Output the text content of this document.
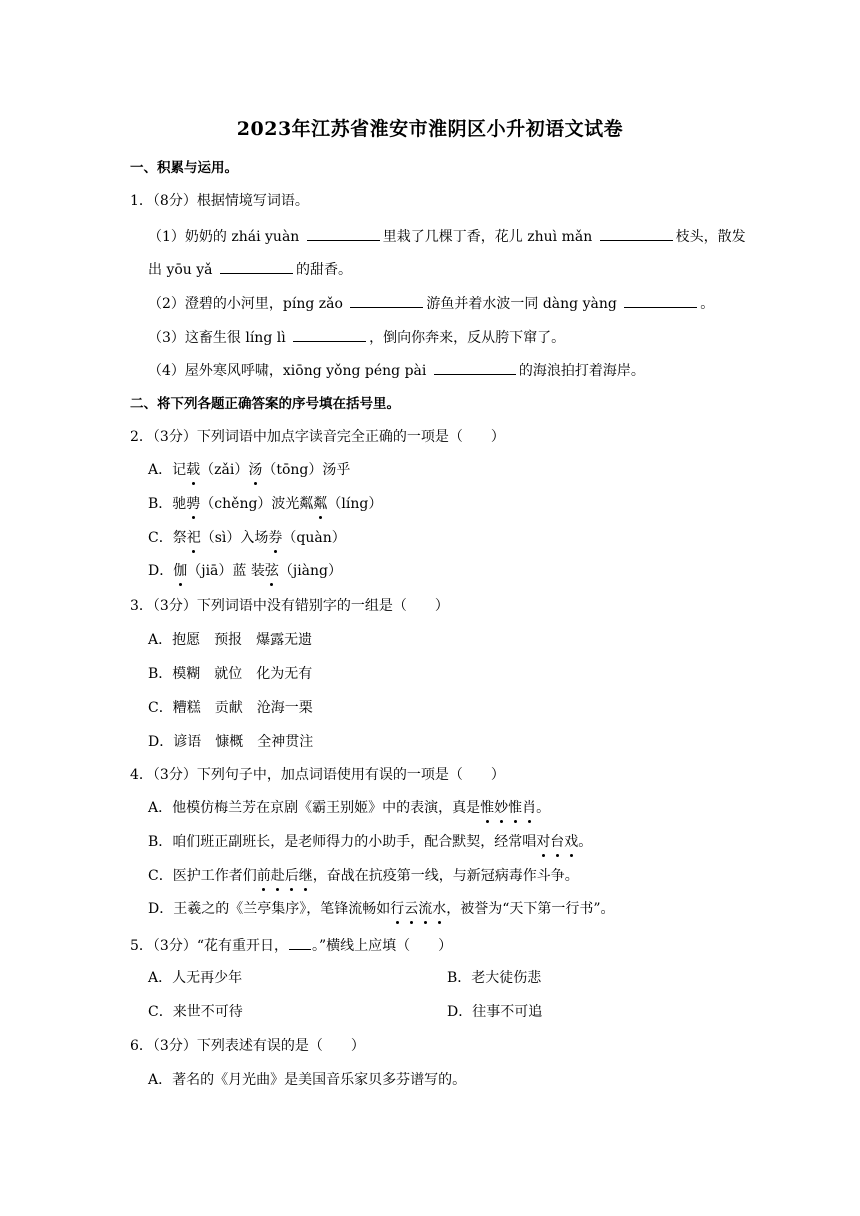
2023年江苏省淮安市淮阴区小升初语文试卷
一、积累与运用。
1．（8分）根据情境写词语。
（1）奶奶的 zhái yuàn	里栽了几棵丁香，花儿 zhuì mǎn	枝头，散发
出 yōu yǎ	的甜香。
（2）澄碧的小河里，píng zǎo	游鱼并着水波一同 dàng yàng	。
（3）这畜生很 líng lì	，倒向你奔来，反从胯下窜了。
（4）屋外寒风呼啸，xiōng yǒng péng pài	的海浪拍打着海岸。
二、将下列各题正确答案的序号填在括号里。
2．（3分）下列词语中加点字读音完全正确的一项是（　　）
A．记载（zǎi）汤（tōng）汤乎
B．驰骋（chěng）波光粼粼（líng）
C．祭祀（sì）入场券（quàn）
D．伽（jiā）蓝 装弦（jiàng）
3．（3分）下列词语中没有错别字的一组是（　　）
A．抱愿　预报　爆露无遗
B．模糊　就位　化为无有
C．糟糕　贡献　沧海一栗
D．谚语　慷概　全神贯注
4．（3分）下列句子中，加点词语使用有误的一项是（　　）
A．他模仿梅兰芳在京剧《霸王别姬》中的表演，真是惟妙惟肖。
B．咱们班正副班长，是老师得力的小助手，配合默契，经常唱对台戏。
C．医护工作者们前赴后继，奋战在抗疫第一线，与新冠病毒作斗争。
D．王羲之的《兰亭集序》，笔锋流畅如行云流水，被誉为“天下第一行书”。
5．（3分）“花有重开日， 。”横线上应填（　　）
A．人无再少年	B．老大徒伤悲
C．来世不可待	D．往事不可追
6．（3分）下列表述有误的是（　　）
A．著名的《月光曲》是美国音乐家贝多芬谱写的。
